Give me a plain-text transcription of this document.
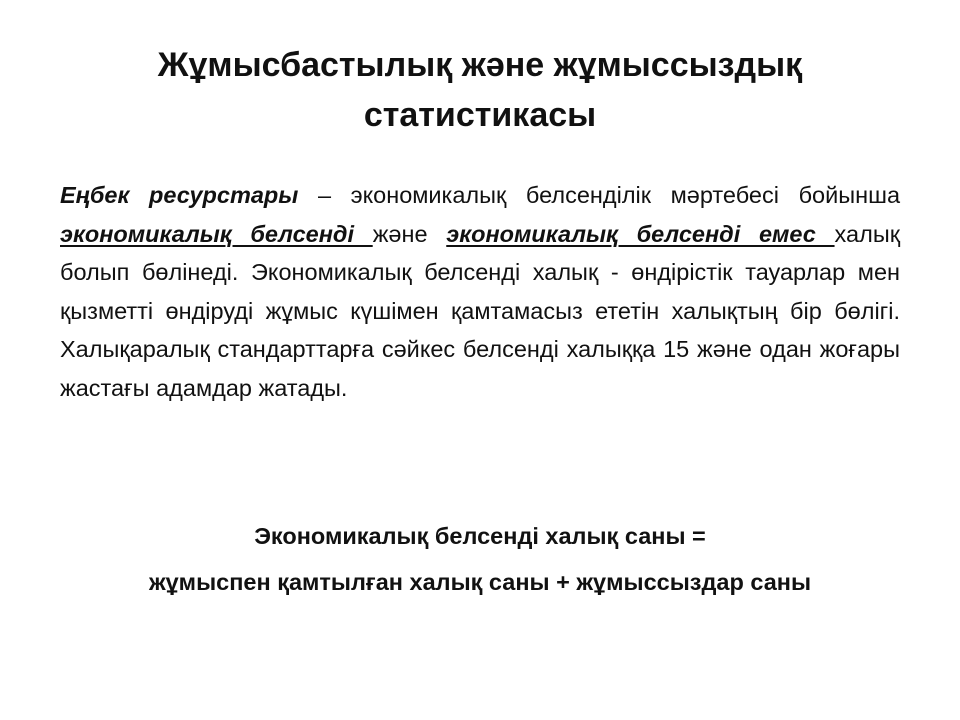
Жұмысбастылық және жұмыссыздық статистикасы

Еңбек ресурстары – экономикалық белсенділік мәртебесі бойынша экономикалық белсенді және экономикалық белсенді емес халық болып бөлінеді. Экономикалық белсенді халық - өндірістік тауарлар мен қызметті өндіруді жұмыс күшімен қамтамасыз ететін халықтың бір бөлігі. Халықаралық стандарттарға сәйкес белсенді халыққа 15 және одан жоғары жастағы адамдар жатады.

Экономикалық белсенді халық саны =

жұмыспен қамтылған халық саны + жұмыссыздар саны
